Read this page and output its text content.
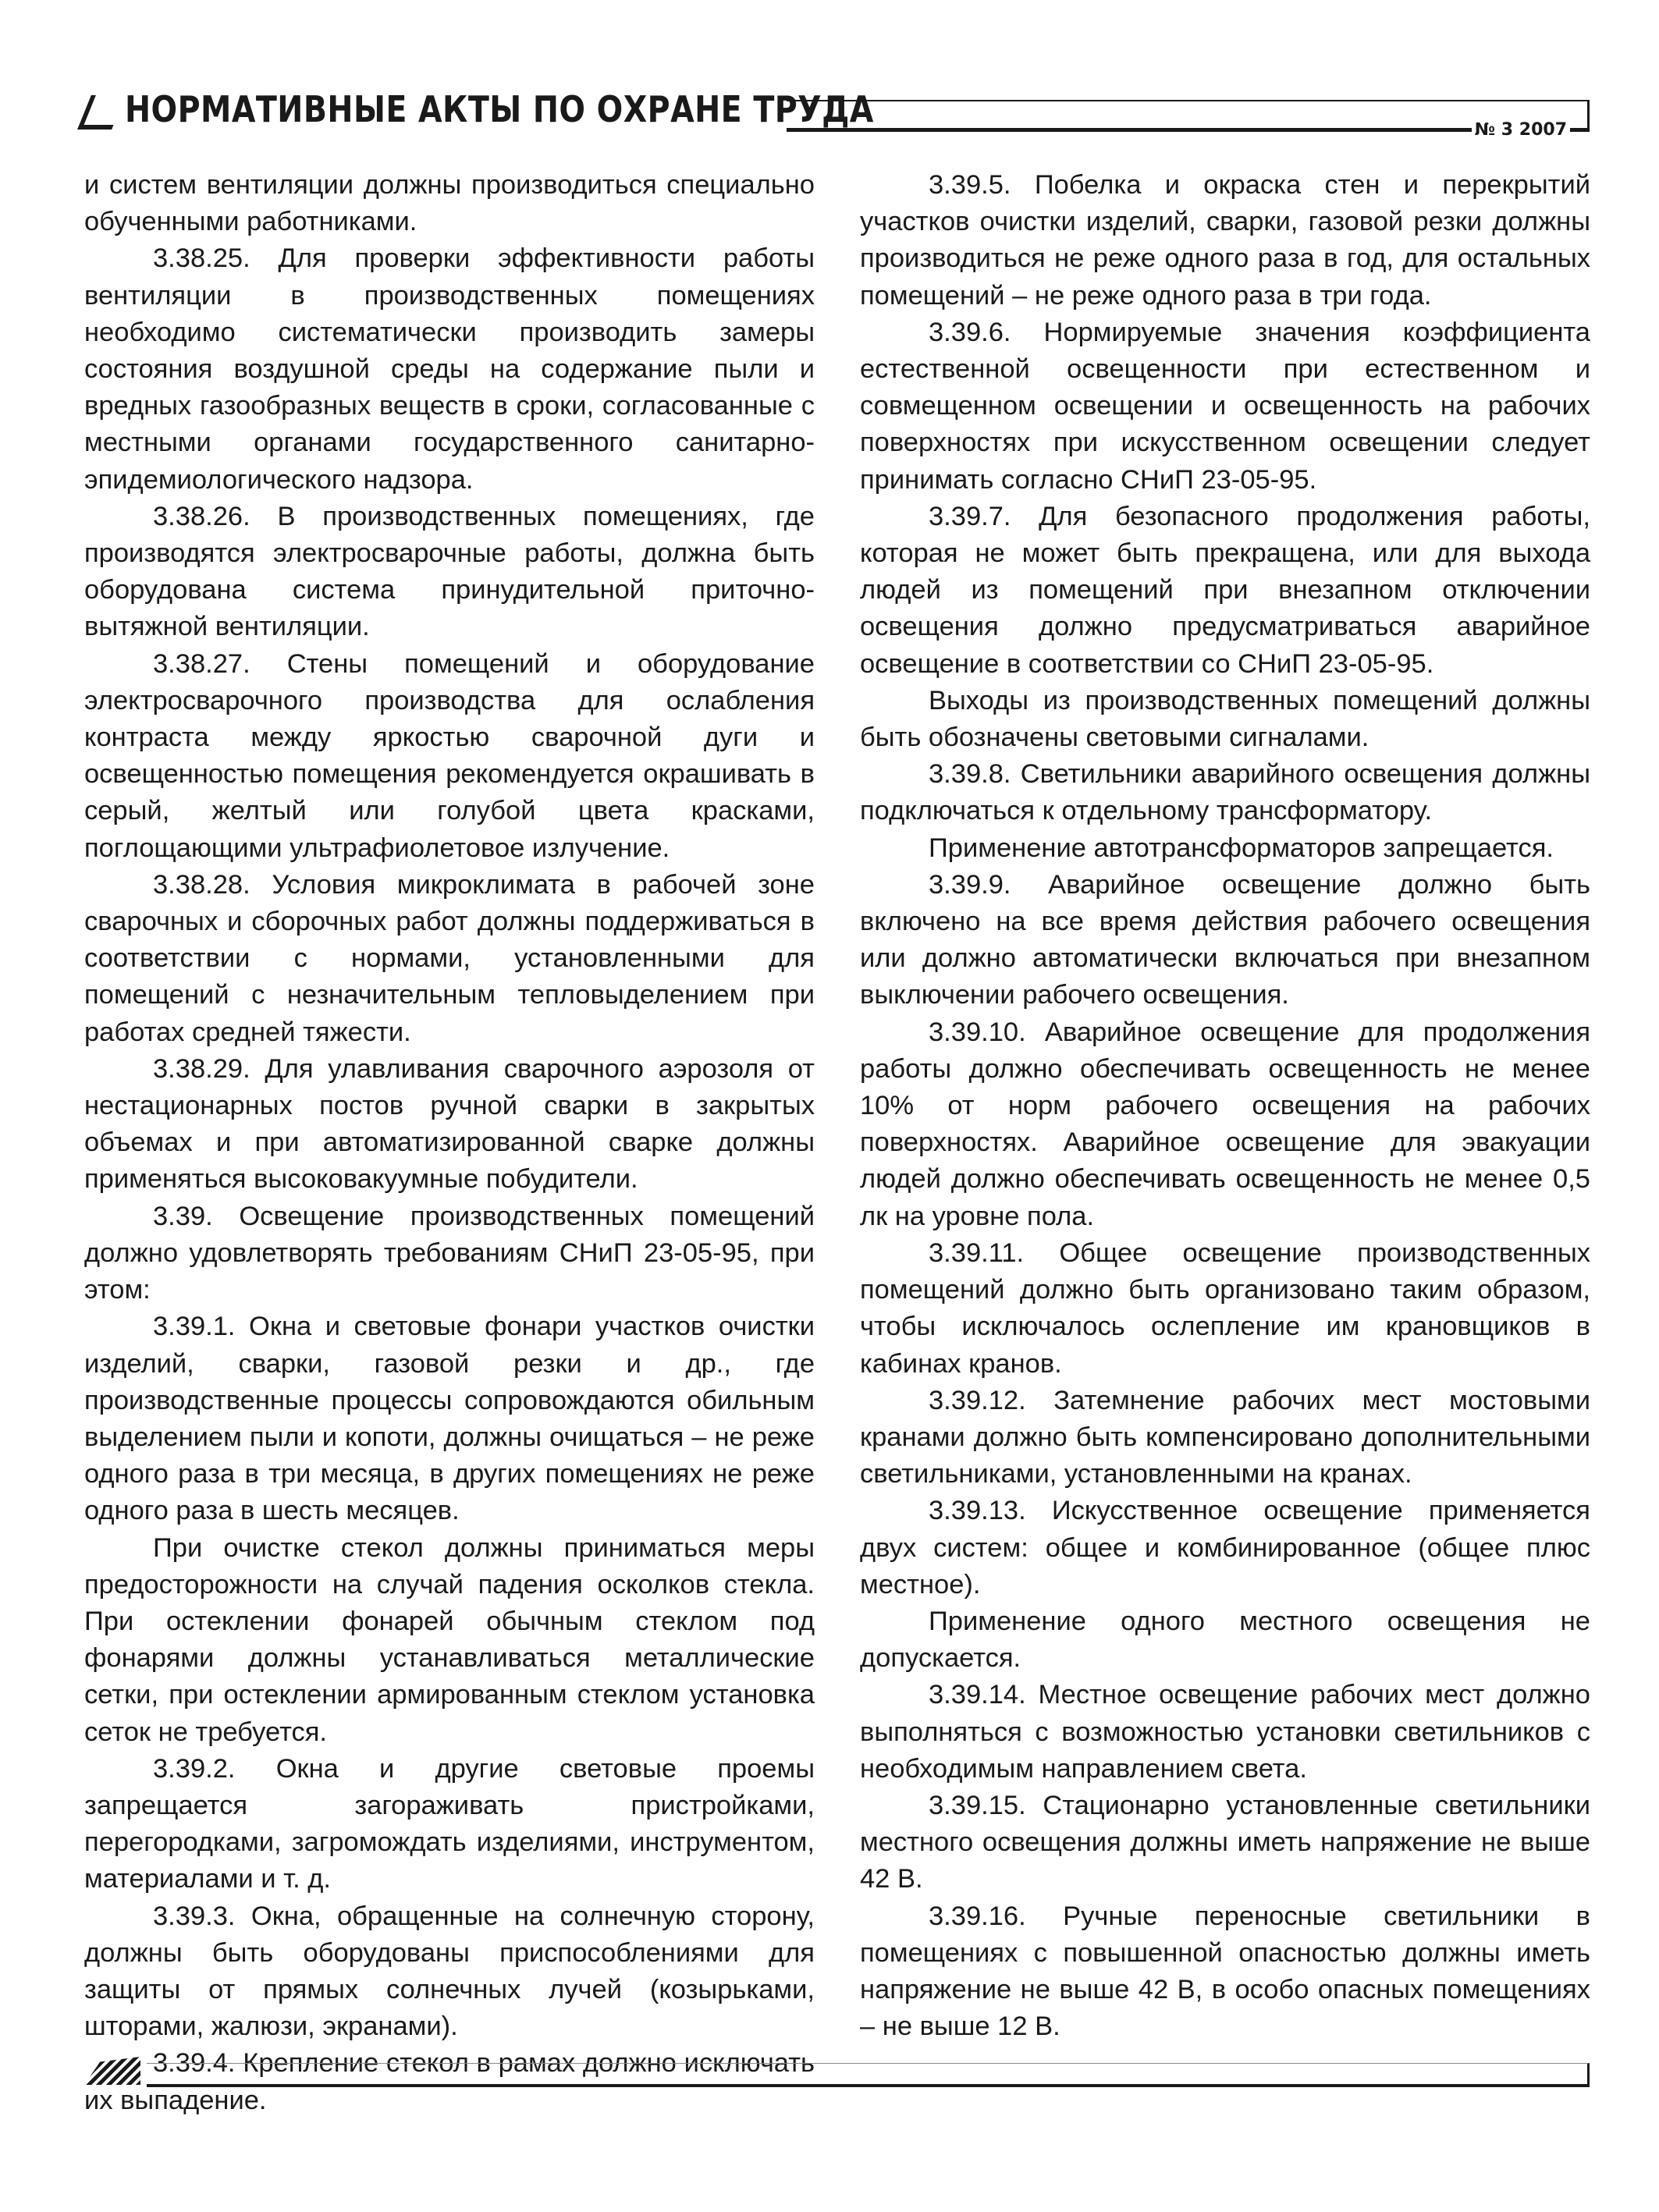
НОРМАТИВНЫЕ АКТЫ ПО ОХРАНЕ ТРУДА	№ 3 2007

и систем вентиляции должны производиться специально обученными работниками.

3.38.25. Для проверки эффективности работы вентиляции в производственных помещениях необходимо систематически производить замеры состояния воздушной среды на содержание пыли и вредных газообразных веществ в сроки, согласованные с местными органами государственного санитарно-эпидемиологического надзора.

3.38.26. В производственных помещениях, где производятся электросварочные работы, должна быть оборудована система принудительной приточно-вытяжной вентиляции.

3.38.27. Стены помещений и оборудование электросварочного производства для ослабления контраста между яркостью сварочной дуги и освещенностью помещения рекомендуется окрашивать в серый, желтый или голубой цвета красками, поглощающими ультрафиолетовое излучение.

3.38.28. Условия микроклимата в рабочей зоне сварочных и сборочных работ должны поддерживаться в соответствии с нормами, установленными для помещений с незначительным тепловыделением при работах средней тяжести.

3.38.29. Для улавливания сварочного аэрозоля от нестационарных постов ручной сварки в закрытых объемах и при автоматизированной сварке должны применяться высоковакуумные побудители.

3.39. Освещение производственных помещений должно удовлетворять требованиям СНиП 23-05-95, при этом:

3.39.1. Окна и световые фонари участков очистки изделий, сварки, газовой резки и др., где производственные процессы сопровождаются обильным выделением пыли и копоти, должны очищаться – не реже одного раза в три месяца, в других помещениях не реже одного раза в шесть месяцев.

При очистке стекол должны приниматься меры предосторожности на случай падения осколков стекла. При остеклении фонарей обычным стеклом под фонарями должны устанавливаться металлические сетки, при остеклении армированным стеклом установка сеток не требуется.

3.39.2. Окна и другие световые проемы запрещается загораживать пристройками, перегородками, загромождать изделиями, инструментом, материалами и т. д.

3.39.3. Окна, обращенные на солнечную сторону, должны быть оборудованы приспособлениями для защиты от прямых солнечных лучей (козырьками, шторами, жалюзи, экранами).

3.39.4. Крепление стекол в рамах должно исключать их выпадение.

3.39.5. Побелка и окраска стен и перекрытий участков очистки изделий, сварки, газовой резки должны производиться не реже одного раза в год, для остальных помещений – не реже одного раза в три года.

3.39.6. Нормируемые значения коэффициента естественной освещенности при естественном и совмещенном освещении и освещенность на рабочих поверхностях при искусственном освещении следует принимать согласно СНиП 23-05-95.

3.39.7. Для безопасного продолжения работы, которая не может быть прекращена, или для выхода людей из помещений при внезапном отключении освещения должно предусматриваться аварийное освещение в соответствии со СНиП 23-05-95.

Выходы из производственных помещений должны быть обозначены световыми сигналами.

3.39.8. Светильники аварийного освещения должны подключаться к отдельному трансформатору.

Применение автотрансформаторов запрещается.

3.39.9. Аварийное освещение должно быть включено на все время действия рабочего освещения или должно автоматически включаться при внезапном выключении рабочего освещения.

3.39.10. Аварийное освещение для продолжения работы должно обеспечивать освещенность не менее 10% от норм рабочего освещения на рабочих поверхностях. Аварийное освещение для эвакуации людей должно обеспечивать освещенность не менее 0,5 лк на уровне пола.

3.39.11. Общее освещение производственных помещений должно быть организовано таким образом, чтобы исключалось ослепление им крановщиков в кабинах кранов.

3.39.12. Затемнение рабочих мест мостовыми кранами должно быть компенсировано дополнительными светильниками, установленными на кранах.

3.39.13. Искусственное освещение применяется двух систем: общее и комбинированное (общее плюс местное).

Применение одного местного освещения не допускается.

3.39.14. Местное освещение рабочих мест должно выполняться с возможностью установки светильников с необходимым направлением света.

3.39.15. Стационарно установленные светильники местного освещения должны иметь напряжение не выше 42 В.

3.39.16. Ручные переносные светильники в помещениях с повышенной опасностью должны иметь напряжение не выше 42 В, в особо опасных помещениях – не выше 12 В.
